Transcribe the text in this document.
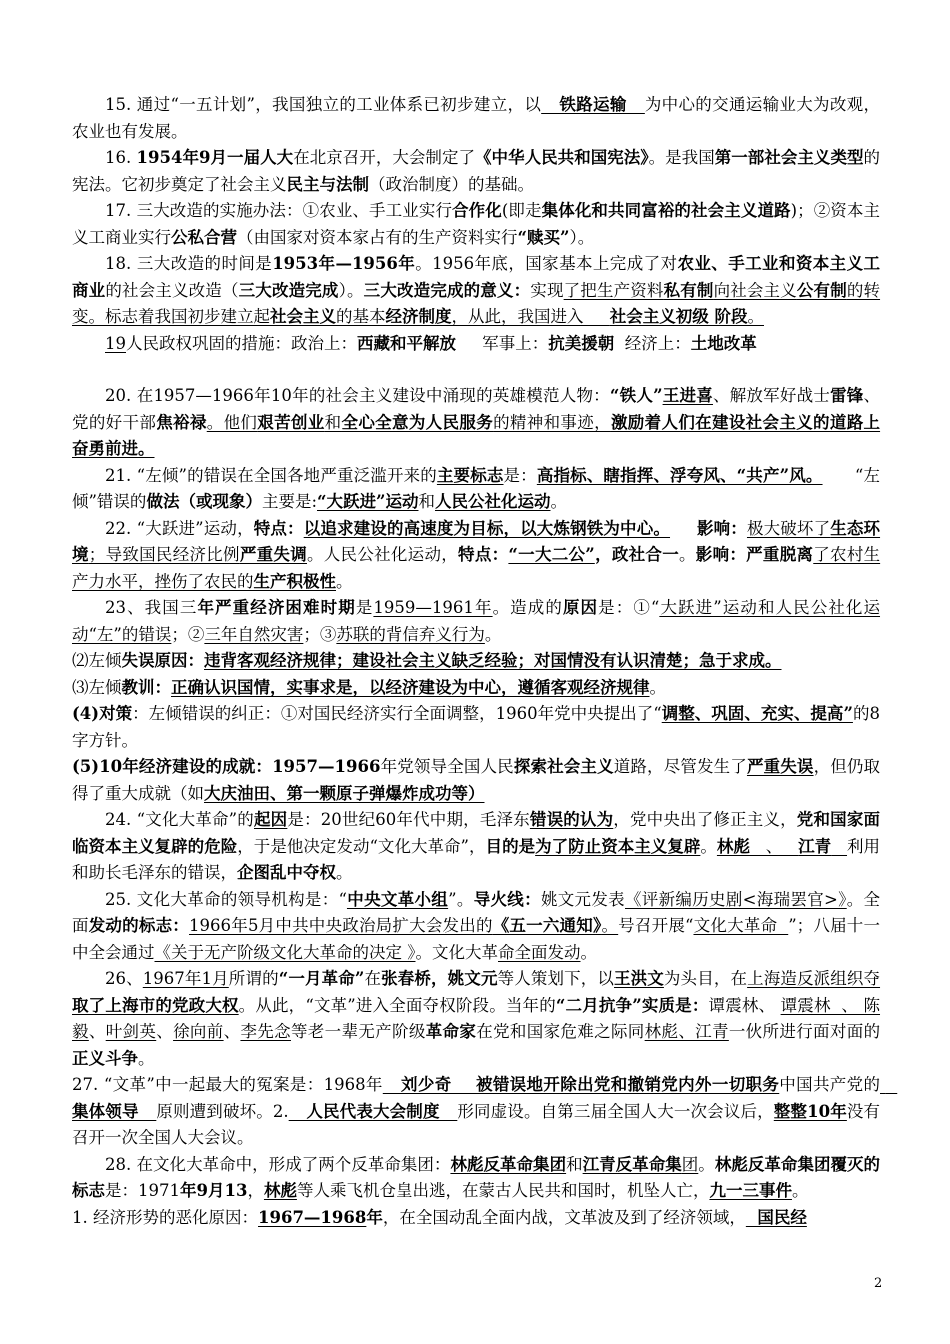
15. 通过“一五计划”，我国独立的工业体系已初步建立，以   铁路运输   为中心的交通运输业大为改观，农业也有发展。

16. 1954年9月一届人大在北京召开，大会制定了《中华人民共和国宪法》。是我国第一部社会主义类型的宪法。它初步奠定了社会主义民主与法制（政治制度）的基础。

17. 三大改造的实施办法：①农业、手工业实行合作化(即走集体化和共同富裕的社会主义道路)；②资本主义工商业实行公私合营（由国家对资本家占有的生产资料实行“赎买”）。

18. 三大改造的时间是1953年—1956年。1956年底，国家基本上完成了对农业、手工业和资本主义工商业的社会主义改造（三大改造完成）。三大改造完成的意义：实现了把生产资料私有制向社会主义公有制的转变。标志着我国初步建立起社会主义的基本经济制度，从此，我国进入     社会主义初级 阶段。

19人民政权巩固的措施：政治上：西藏和平解放     军事上：抗美援朝  经济上：土地改革

20. 在1957—1966年10年的社会主义建设中涌现的英雄模范人物：“铁人”王进喜、解放军好战士雷锋、党的好干部焦裕禄。他们艰苦创业和全心全意为人民服务的精神和事迹，激励着人们在建设社会主义的道路上奋勇前进。

21. “左倾”的错误在全国各地严重泛滥开来的主要标志是：高指标、瞎指挥、浮夸风、“共产”风。      “左倾”错误的做法（或现象）主要是:“大跃进”运动和人民公社化运动。

22. “大跃进”运动，特点：以追求建设的高速度为目标，以大炼钢铁为中心。 影响：极大破坏了生态环境；导致国民经济比例严重失调。人民公社化运动，特点：“一大二公”，政社合一。影响：严重脱离了农村生产力水平，挫伤了农民的生产积极性。

23、我国三年严重经济困难时期是1959—1961年。造成的原因是：①“大跃进”运动和人民公社化运动“左”的错误；②三年自然灾害；③苏联的背信弃义行为。

⑵左倾失误原因：违背客观经济规律；建设社会主义缺乏经验；对国情没有认识清楚；急于求成。

⑶左倾教训：正确认识国情，实事求是，以经济建设为中心，遵循客观经济规律。

(4)对策：左倾错误的纠正：①对国民经济实行全面调整，1960年党中央提出了“调整、巩固、充实、提高”的8字方针。

(5)10年经济建设的成就：1957—1966年党领导全国人民探索社会主义道路，尽管发生了严重失误，但仍取得了重大成就（如大庆油田、第一颗原子弹爆炸成功等）

24. “文化大革命”的起因是：20世纪60年代中期，毛泽东错误的认为，党中央出了修正主义，党和国家面临资本主义复辟的危险，于是他决定发动“文化大革命”，目的是为了防止资本主义复辟。林彪   、   江青 利用和助长毛泽东的错误，企图乱中夺权。

25. 文化大革命的领导机构是：“中央文革小组”。导火线：姚文元发表《评新编历史剧<海瑞罢官>》。全面发动的标志：1966年5月中共中央政治局扩大会发出的《五一六通知》。号召开展“文化大革命  ”；八届十一中全会通过《关于无产阶级文化大革命的决定 》。文化大革命全面发动。

26、1967年1月所谓的“一月革命”在张春桥，姚文元等人策划下，以王洪文为头目，在上海造反派组织夺取了上海市的党政大权。从此，“文革”进入全面夺权阶段。当年的“二月抗争”实质是：谭震林、 谭震林  、 陈毅、叶剑英、徐向前、李先念等老一辈无产阶级革命家在党和国家危难之际同林彪、江青一伙所进行面对面的正义斗争。

27. “文革”中一起最大的冤案是：1968年   刘少奇    被错误地开除出党和撤销党内外一切职务中国共产党的   集体领导   原则遭到破坏。2.   人民代表大会制度   形同虚设。自第三届全国人大一次会议后，整整10年没有召开一次全国人大会议。

28. 在文化大革命中，形成了两个反革命集团：林彪反革命集团和江青反革命集团。林彪反革命集团覆灭的标志是：1971年9月13，林彪等人乘飞机仓皇出逃，在蒙古人民共和国时，机坠人亡，九一三事件。

1. 经济形势的恶化原因：1967—1968年，在全国动乱全面内战，文革波及到了经济领域，  国民经

2
